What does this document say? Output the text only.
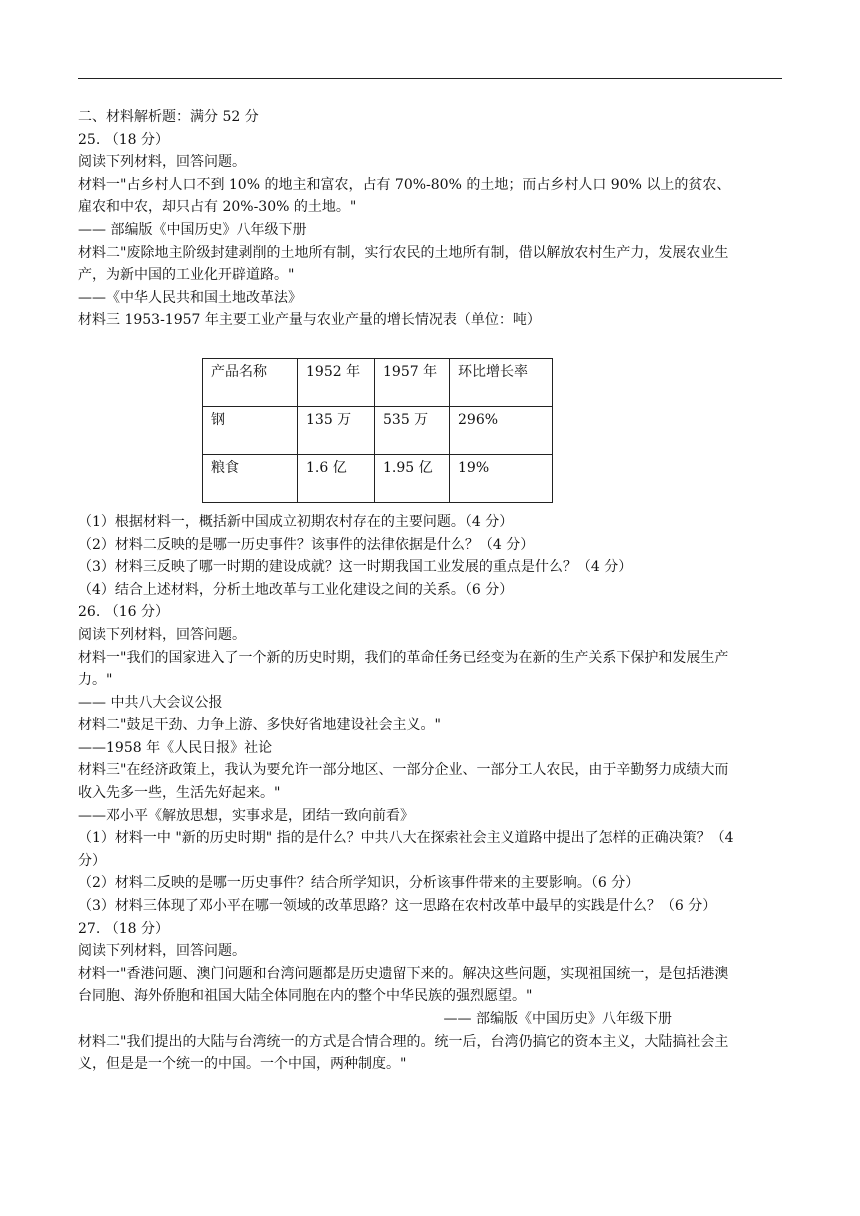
二、材料解析题：满分 52 分
25. （18 分）
阅读下列材料，回答问题。
材料一"占乡村人口不到 10% 的地主和富农，占有 70%-80% 的土地；而占乡村人口 90% 以上的贫农、
雇农和中农，却只占有 20%-30% 的土地。"
—— 部编版《中国历史》八年级下册
材料二"废除地主阶级封建剥削的土地所有制，实行农民的土地所有制，借以解放农村生产力，发展农业生
产，为新中国的工业化开辟道路。"
——《中华人民共和国土地改革法》
材料三 1953-1957 年主要工业产量与农业产量的增长情况表（单位：吨）
产品名称	1952 年	1957 年	环比增长率
钢	135 万	535 万	296%
粮食	1.6 亿	1.95 亿	19%
（1）根据材料一，概括新中国成立初期农村存在的主要问题。（4 分）
（2）材料二反映的是哪一历史事件？该事件的法律依据是什么？（4 分）
（3）材料三反映了哪一时期的建设成就？这一时期我国工业发展的重点是什么？（4 分）
（4）结合上述材料，分析土地改革与工业化建设之间的关系。（6 分）
26. （16 分）
阅读下列材料，回答问题。
材料一"我们的国家进入了一个新的历史时期，我们的革命任务已经变为在新的生产关系下保护和发展生产
力。"
—— 中共八大会议公报
材料二"鼓足干劲、力争上游、多快好省地建设社会主义。"
——1958 年《人民日报》社论
材料三"在经济政策上，我认为要允许一部分地区、一部分企业、一部分工人农民，由于辛勤努力成绩大而
收入先多一些，生活先好起来。"
——邓小平《解放思想，实事求是，团结一致向前看》
（1）材料一中 "新的历史时期" 指的是什么？中共八大在探索社会主义道路中提出了怎样的正确决策？（4
分）
（2）材料二反映的是哪一历史事件？结合所学知识，分析该事件带来的主要影响。（6 分）
（3）材料三体现了邓小平在哪一领域的改革思路？这一思路在农村改革中最早的实践是什么？（6 分）
27. （18 分）
阅读下列材料，回答问题。
材料一"香港问题、澳门问题和台湾问题都是历史遗留下来的。解决这些问题，实现祖国统一，是包括港澳
台同胞、海外侨胞和祖国大陆全体同胞在内的整个中华民族的强烈愿望。"
—— 部编版《中国历史》八年级下册
材料二"我们提出的大陆与台湾统一的方式是合情合理的。统一后，台湾仍搞它的资本主义，大陆搞社会主
义，但是是一个统一的中国。一个中国，两种制度。"
